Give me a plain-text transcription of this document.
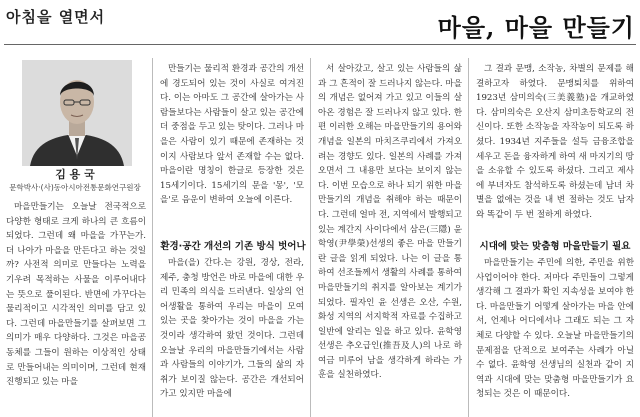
아침을 열면서	마을, 마을 만들기
김 용 국
문학박사·(사)동아시아전통문화연구원장

마을만들기는 오늘날 전국적으로 다양한 형태로 크게 하나의 큰 흐름이 되었다. 그런데 왜 마을을 가꾸는가. 더 나아가 마을을 만든다고 하는 것일까? 사전적 의미로 만들다는 노력을 기우려 목적하는 사물을 이루어내다는 뜻으로 풀이된다. 반면에 가꾸다는 물리적이고 시각적인 의미를 담고 있다. 그런데 마을만들기를 살펴보면 그 의미가 매우 다양하다. 그것은 마을공동체를 그들이 원하는 이상적인 상태로 만들어내는 의미이며, 그런데 현재 진행되고 있는 마을

만들기는 물리적 환경과 공간의 개선에 경도되어 있는 것이 사실로 여겨진다. 이는 아마도 그 공간에 살아가는 사람들보다는 사람들이 살고 있는 공간에 더 중점을 두고 있는 탓이다. 그러나 마을은 사람이 있기 때문에 존재하는 것이지 사람보다 앞서 존재할 수는 없다. 마을이란 명칭이 한글로 등장한 것은 15세기이다. 15세기의 문을 '몽', '모을'로 음운이 변하여 오늘에 이른다.

환경·공간 개선의 기존 방식 벗어나

마을(을) 간다.는 강원, 경상, 전라, 제주, 충청 방언은 바로 마을에 대한 우리 민족의 의식을 드러낸다. 일상의 언어생활을 통하여 우리는 마을이 모여 있는 곳을 찾아가는 것이 마을을 가는 것이라 생각하여 왔던 것이다. 그런데 오늘날 우리의 마을만들기에서는 사람과 사람들의 이야기가, 그들의 삶의 자취가 보이질 않는다. 공간은 개선되어 가고 있지만 마을에

서 살아갔고, 살고 있는 사람들의 삶과 그 흔적이 잘 드러나지 않는다. 마을의 개념은 없어져 가고 있고 이들의 살아온 경험은 잘 드러나지 않고 있다. 한편 이러한 오해는 마을만들기의 용어와 개념을 일본의 마치즈쿠리에서 가져오려는 경향도 있다. 일본의 사례를 가져오면서 그 내용만 보다는 보이지 않는다. 이번 모습으로 하나 되기 위한 마을만들기의 개념을 취해야 하는 때문이다. 그런데 얼마 전, 지역에서 발행되고 있는 계간지 사이다에서 삼은(三隱) 윤학영(尹學榮)선생의 좋은 마을 만들기란 글을 읽게 되었다. 나는 이 글을 통하여 선조들께서 생활의 사례를 통하여 마을만들기의 취지를 알아보는 계기가 되었다. 필자인 윤 선생은 오산, 수원, 화성 지역의 서지학적 자료를 수집하고 일반에 알리는 일을 하고 있다. 윤학영 선생은 추오급인(推吾及人)의 나로 하여금 미루어 남을 생각하게 하라는 가훈을 실천하였다.

그 결과 문맹, 소작농, 차별의 문제를 해결하고자 하였다. 문맹퇴치를 위하여 1923년 삼미의숙(三美義塾)을 개교하였다. 삼미의숙은 오산지 삼미초등학교의 전신이다. 또한 소작농을 자작농이 되도록 하셨다. 1934년 지주들을 설득 금융조합을 세우고 돈을 융자하게 하여 새 마지기의 땅을 소유할 수 있도록 하셨다. 그리고 제사에 부녀자도 참석하도록 하셨는데 남녀 차별을 없애는 것을 내 변 절하는 것도 남자와 똑같이 두 번 절하게 하였다.

시대에 맞는 맞춤형 마을만들기 필요

마을만들기는 주민에 의한, 주민을 위한 사업이어야 한다. 저마다 주민들이 그렇게 생각해 그 결과가 확인 지속성을 보여야 한다. 마을만들기 어떻게 살아가는 마을 안에서, 언제나 어디에서나 그래도 되는 그 자체로 다양할 수 있다. 오늘날 마을만들기의 문제점을 단적으로 보여주는 사례가 아닐 수 없다. 윤학영 선생님의 실천과 같이 지역과 시대에 맞는 맞춤형 마을만들기가 요청되는 것은 이 때문이다.
